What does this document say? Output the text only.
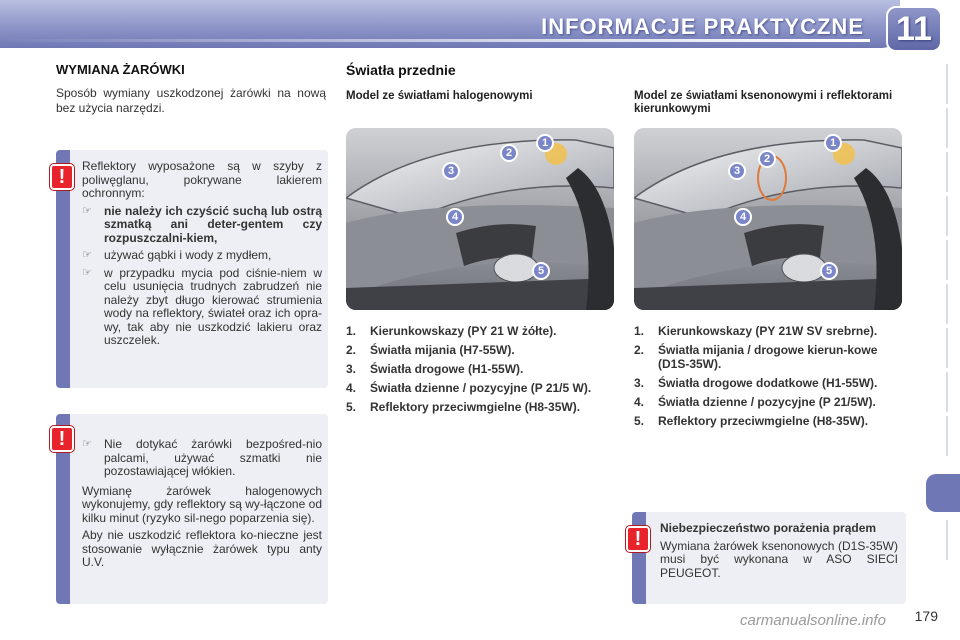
INFORMACJE PRAKTYCZNE 11
WYMIANA ŻARÓWKI
Sposób wymiany uszkodzonej żarówki na nową bez użycia narzędzi.
Reflektory wyposażone są w szyby z poliwęglanu, pokrywane lakierem ochronnym:
☞	nie należy ich czyścić suchą lub ostrą szmatką ani deter-gentem czy rozpuszczalni-kiem,
☞	używać gąbki i wody z mydłem,
☞	w przypadku mycia pod ciśnie-niem w celu usunięcia trudnych zabrudzeń nie należy zbyt długo kierować strumienia wody na reflektory, świateł oraz ich opra-wy, tak aby nie uszkodzić lakieru oraz uszczelek.
!
☞	Nie dotykać żarówki bezpośred-nio palcami, używać szmatki nie pozostawiającej włókien.
Wymianę żarówek halogenowych wykonujemy, gdy reflektory są wy-łączone od kilku minut (ryzyko sil-nego poparzenia się).
Aby nie uszkodzić reflektora ko-nieczne jest stosowanie wyłącznie żarówek typu anty U.V.
!
Światła przednie
Model ze światłami halogenowymi
1
2
3
4
5
1.	Kierunkowskazy (PY 21 W żółte).
2.	Światła mijania (H7-55W).
3.	Światła drogowe (H1-55W).
4.	Światła dzienne / pozycyjne (P 21/5 W).
5.	Reflektory przeciwmgielne (H8-35W).
Model ze światłami ksenonowymi i reflektorami kierunkowymi
1
2
3
4
5
1.	Kierunkowskazy (PY 21W SV srebrne).
2.	Światła mijania / drogowe kierun-kowe (D1S-35W).
3.	Światła drogowe dodatkowe (H1-55W).
4.	Światła dzienne / pozycyjne (P 21/5W).
5.	Reflektory przeciwmgielne (H8-35W).
Niebezpieczeństwo porażenia prądem
Wymiana żarówek ksenonowych (D1S-35W) musi być wykonana w ASO SIECI PEUGEOT.
!
179
carmanualsonline.info
